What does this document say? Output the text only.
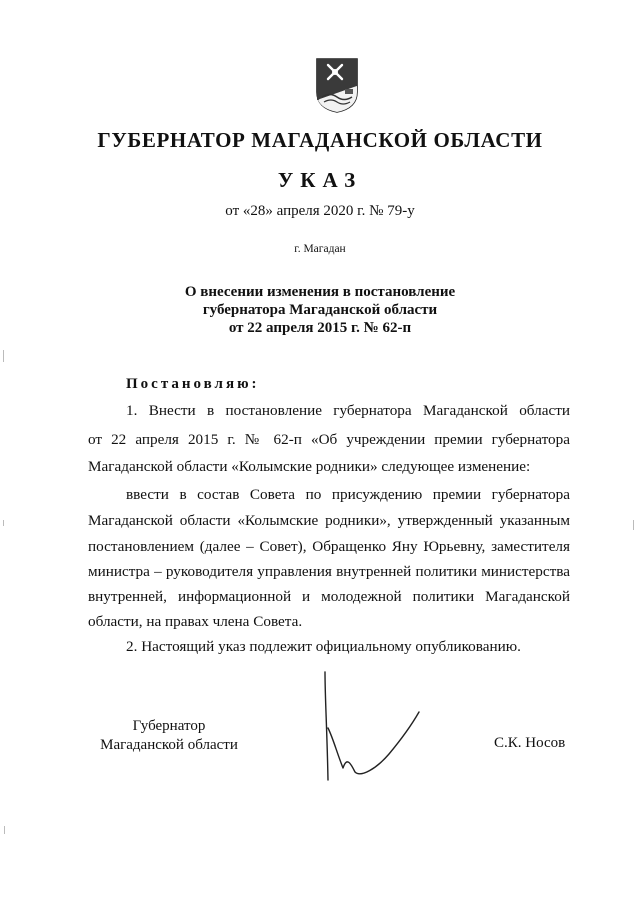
ГУБЕРНАТОР МАГАДАНСКОЙ ОБЛАСТИ
УКАЗ
от «28» апреля 2020 г. № 79-у
г. Магадан
О внесении изменения в постановление
губернатора Магаданской области
от 22 апреля 2015 г. № 62-п
Постановляю:
1. Внести в постановление губернатора Магаданской области
от 22 апреля 2015 г. № 62-п «Об учреждении премии губернатора
Магаданской области «Колымские родники» следующее изменение:
ввести в состав Совета по присуждению премии губернатора
Магаданской области «Колымские родники», утвержденный указанным
постановлением (далее – Совет), Обращенко Яну Юрьевну, заместителя
министра – руководителя управления внутренней политики министерства
внутренней, информационной и молодежной политики Магаданской
области, на правах члена Совета.
2. Настоящий указ подлежит официальному опубликованию.
Губернатор
Магаданской области	С.К. Носов
